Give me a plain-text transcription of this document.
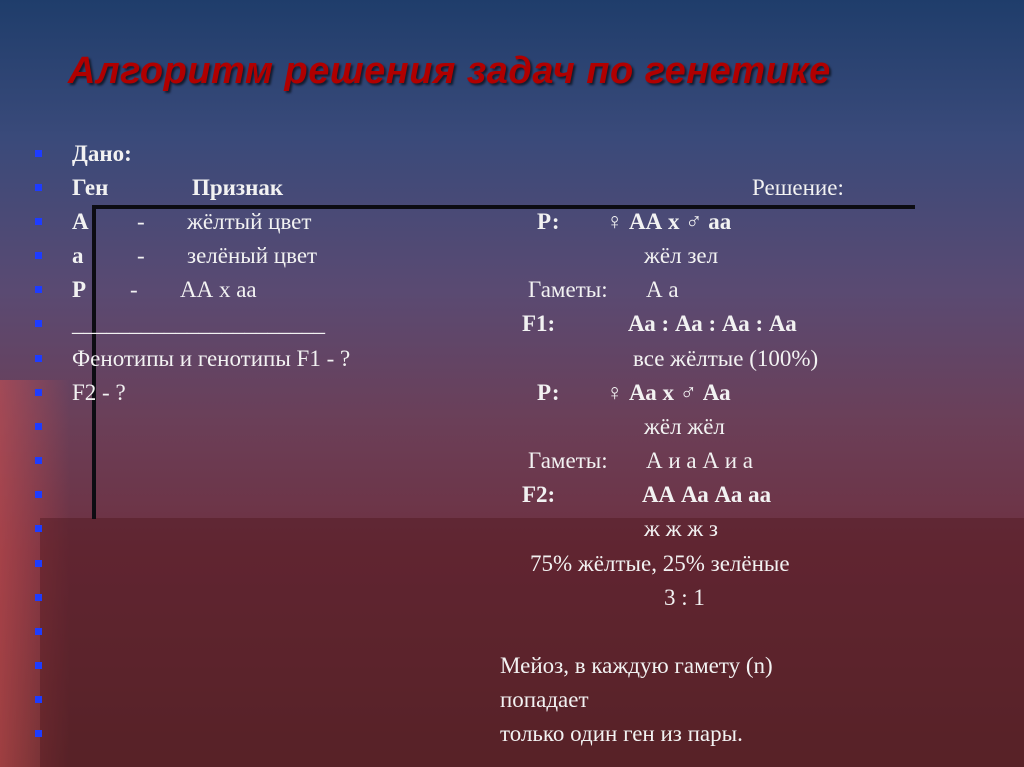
Алгоритм решения задач по генетике
Дано:
Ген	Признак
А - жёлтый цвет
а - зелёный цвет
Р - АА х аа
______________________
Фенотипы и генотипы F1 - ?
F2 - ?
Решение:
Р: ♀ АА х ♂ аа
жёл зел
Гаметы: А а
F1:	Аа : Аа : Аа : Аа
все жёлтые (100%)
Р: ♀ Аа х ♂ Аа
жёл жёл
Гаметы: А и а А и а
F2:	АА Аа Аа аа
ж ж ж з
75% жёлтые, 25% зелёные
3 : 1
Мейоз, в каждую гамету (n)
попадает
только один ген из пары.
